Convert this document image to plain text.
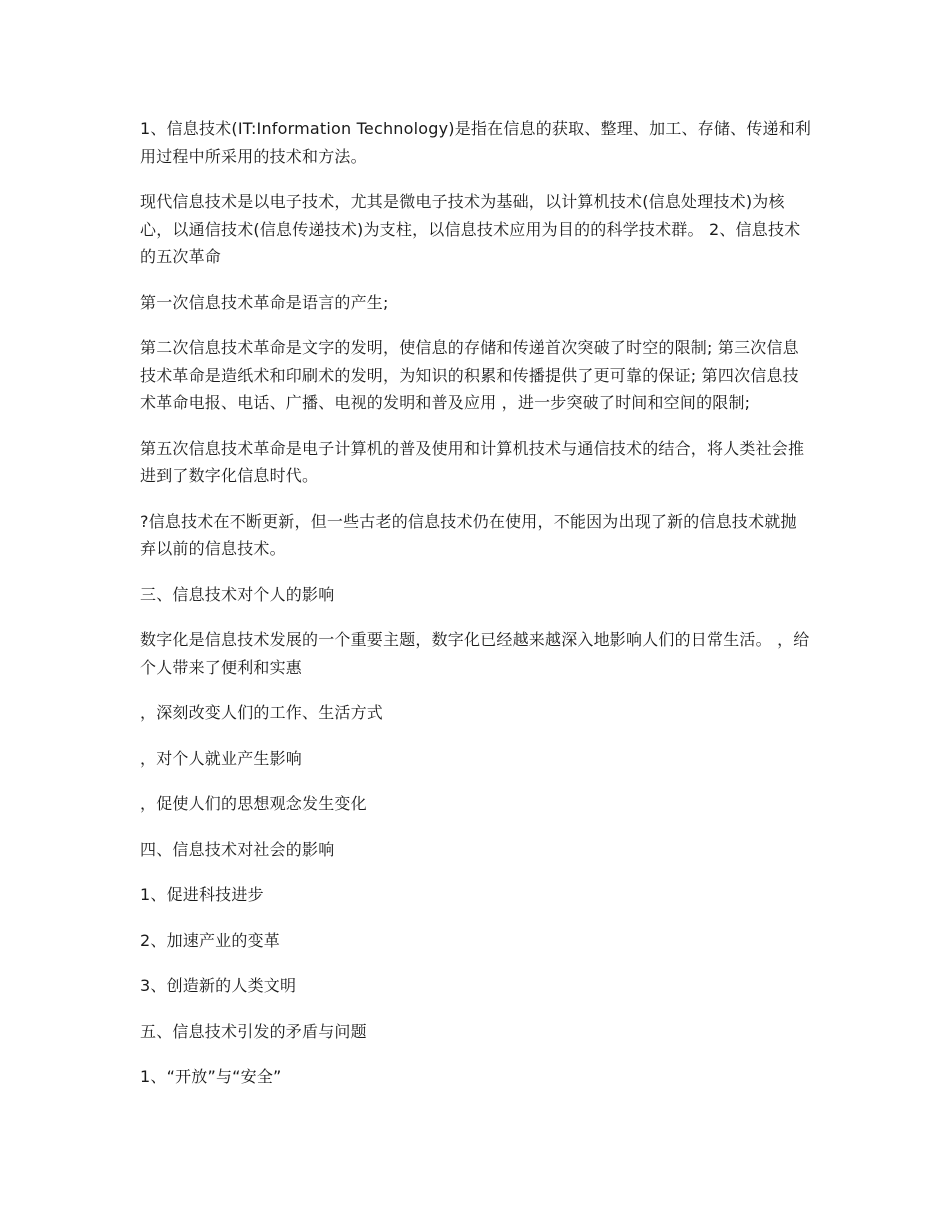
1、信息技术(IT:Information Technology)是指在信息的获取、整理、加工、存储、传递和利用过程中所采用的技术和方法。

现代信息技术是以电子技术，尤其是微电子技术为基础，以计算机技术(信息处理技术)为核心，以通信技术(信息传递技术)为支柱，以信息技术应用为目的的科学技术群。 2、信息技术的五次革命

第一次信息技术革命是语言的产生;

第二次信息技术革命是文字的发明，使信息的存储和传递首次突破了时空的限制; 第三次信息技术革命是造纸术和印刷术的发明，为知识的积累和传播提供了更可靠的保证; 第四次信息技术革命电报、电话、广播、电视的发明和普及应用 ，进一步突破了时间和空间的限制;

第五次信息技术革命是电子计算机的普及使用和计算机技术与通信技术的结合，将人类社会推进到了数字化信息时代。

?信息技术在不断更新，但一些古老的信息技术仍在使用，不能因为出现了新的信息技术就抛弃以前的信息技术。

三、信息技术对个人的影响

数字化是信息技术发展的一个重要主题，数字化已经越来越深入地影响人们的日常生活。 ，给个人带来了便利和实惠

，深刻改变人们的工作、生活方式

，对个人就业产生影响

，促使人们的思想观念发生变化

四、信息技术对社会的影响

1、促进科技进步

2、加速产业的变革

3、创造新的人类文明

五、信息技术引发的矛盾与问题

1、“开放”与“安全”
